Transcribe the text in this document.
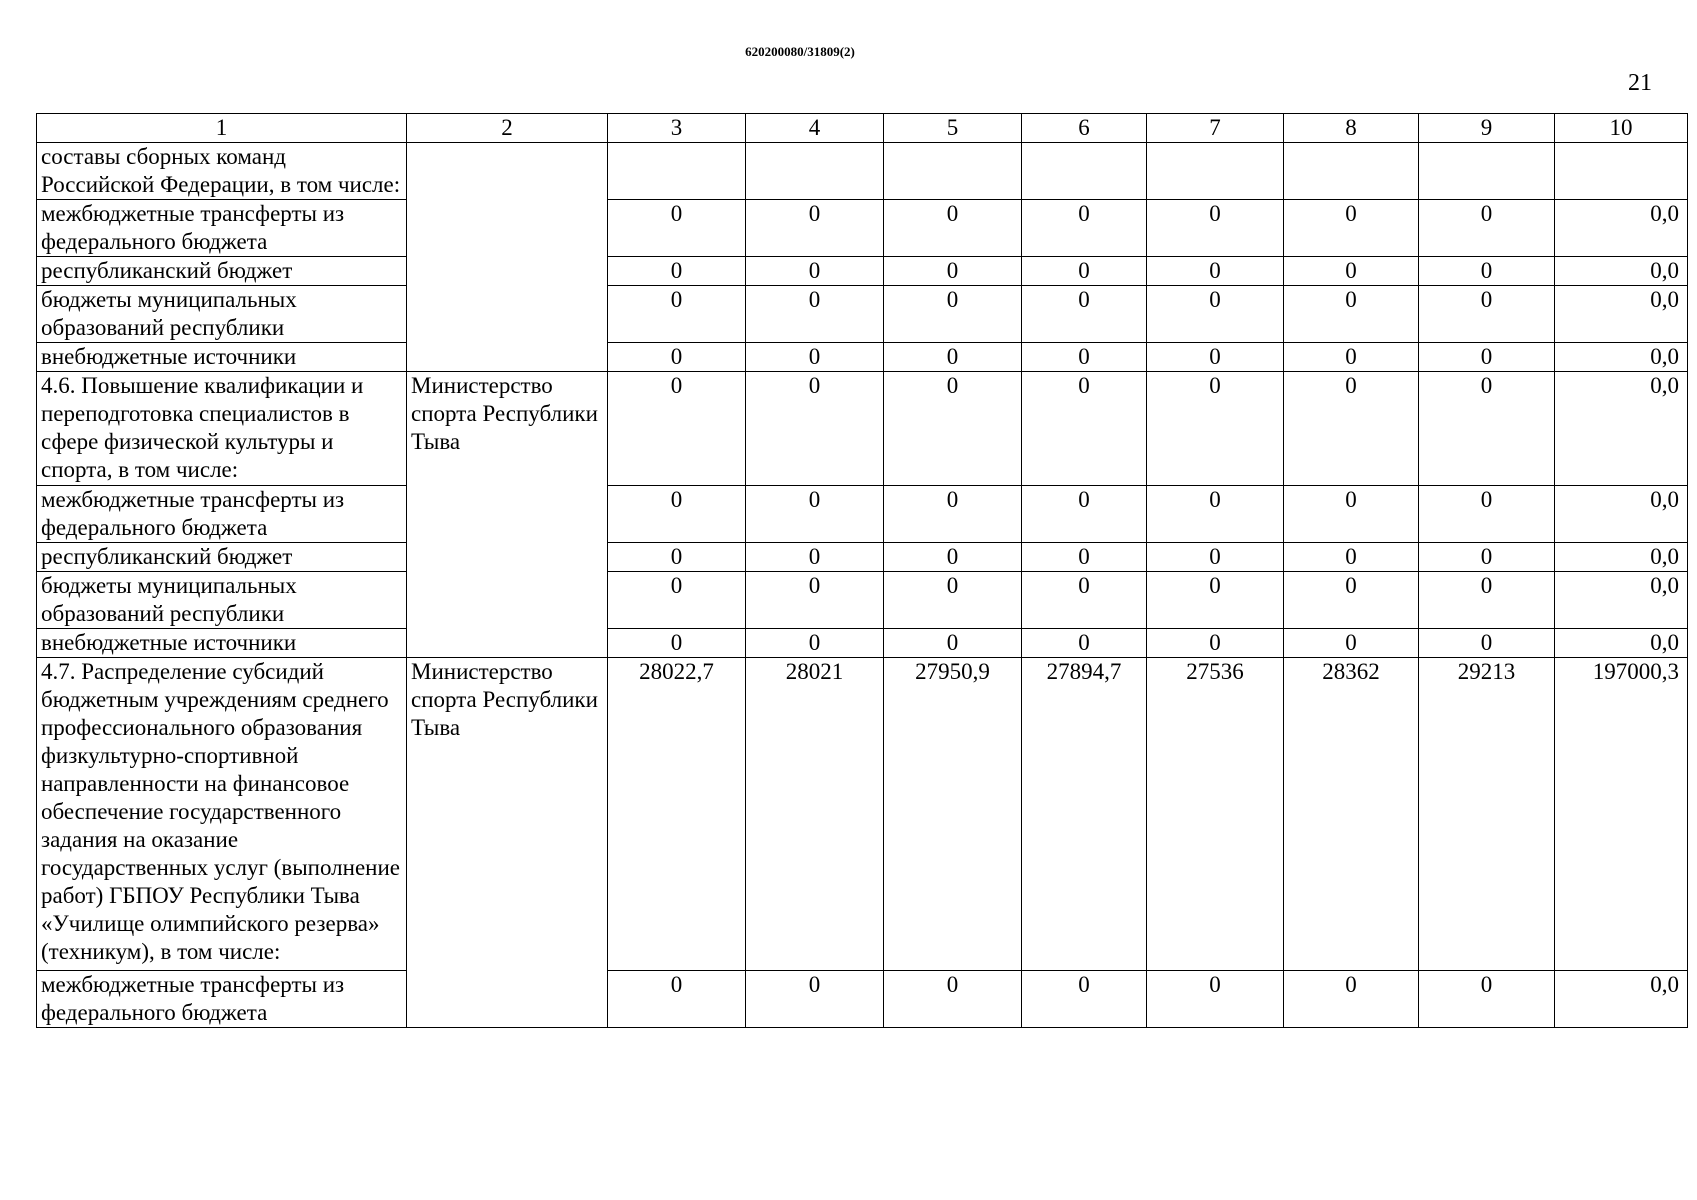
620200080/31809(2)
21
1	2	3	4	5	6	7	8	9	10
составы сборных команд Российской Федерации, в том числе:									
межбюджетные трансферты из федерального бюджета		0	0	0	0	0	0	0	0,0
республиканский бюджет		0	0	0	0	0	0	0	0,0
бюджеты муниципальных образований республики		0	0	0	0	0	0	0	0,0
внебюджетные источники		0	0	0	0	0	0	0	0,0
4.6. Повышение квалификации и переподготовка специалистов в сфере физической культуры и спорта, в том числе:	Министерство спорта Республики Тыва	0	0	0	0	0	0	0	0,0
межбюджетные трансферты из федерального бюджета		0	0	0	0	0	0	0	0,0
республиканский бюджет		0	0	0	0	0	0	0	0,0
бюджеты муниципальных образований республики		0	0	0	0	0	0	0	0,0
внебюджетные источники		0	0	0	0	0	0	0	0,0
4.7. Распределение субсидий бюджетным учреждениям среднего профессионального образования физкультурно-спортивной направленности на финансовое обеспечение государственного задания на оказание государственных услуг (выполнение работ) ГБПОУ Республики Тыва «Училище олимпийского резерва» (техникум), в том числе:	Министерство спорта Республики Тыва	28022,7	28021	27950,9	27894,7	27536	28362	29213	197000,3
межбюджетные трансферты из федерального бюджета		0	0	0	0	0	0	0	0,0
